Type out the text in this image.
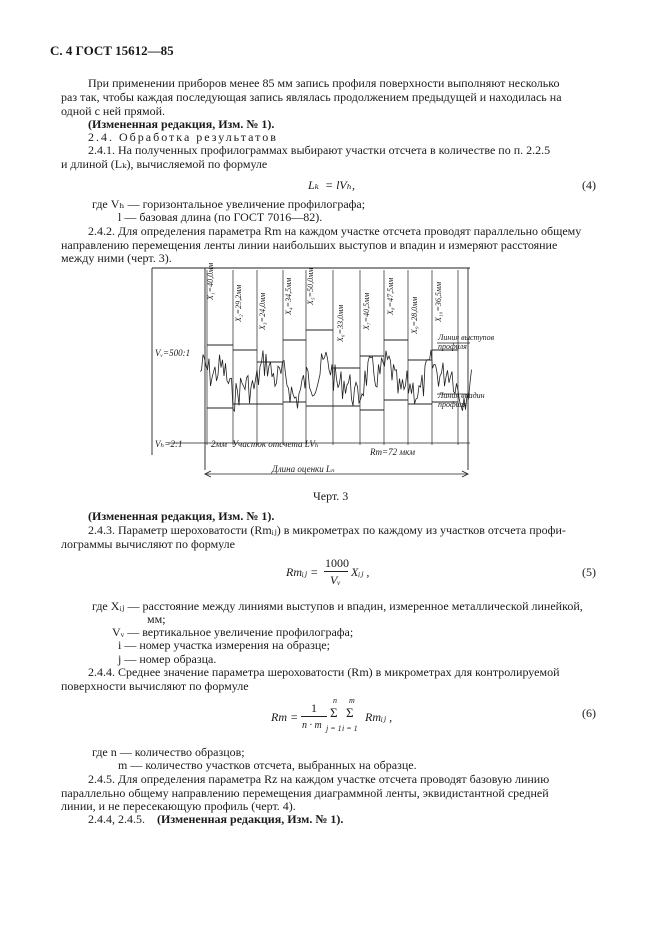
С. 4 ГОСТ 15612—85
При применении приборов менее 85 мм запись профиля поверхности выполняют несколько
раз так, чтобы каждая последующая запись являлась продолжением предыдущей и находилась на
одной с ней прямой.
(Измененная редакция, Изм. № 1).
2.4. Обработка результатов
2.4.1. На полученных профилограммах выбирают участки отсчета в количестве по п. 2.2.5
и длиной (Lₖ), вычисляемой по формуле
Lₖ = lVₕ,	(4)
где Vₕ — горизонтальное увеличение профилографа;
l — базовая длина (по ГОСТ 7016—82).
2.4.2. Для определения параметра Rm на каждом участке отсчета проводят параллельно общему
направлению перемещения ленты линии наибольших выступов и впадин и измеряют расстояние
между ними (черт. 3).
Vᵥ=500:1
Vₕ=2:1	2мм Участок отсчета LVₕ
Rm=72 мкм
Длина оценки Lₙ
Линия выступов профиля
Линия впадин профиля
X₁=40,0мм
X₂=29,2мм	X₃=24,0мм	X₄=34,5мм	X₅=50,0мм
X₆=33,0мм	X₇=40,5мм	X₈=47,5мм
X₉=28,0мм	X₁₀=36,5мм
Черт. 3
(Измененная редакция, Изм. № 1).
2.4.3. Параметр шероховатости (Rmᵢⱼ) в микрометрах по каждому из участков отсчета профи-
лограммы вычисляют по формуле
Rmᵢⱼ =
1000
Vᵥ
Xᵢⱼ ,	(5)
где Xᵢⱼ — расстояние между линиями выступов и впадин, измеренное металлической линейкой,
мм;
Vᵥ — вертикальное увеличение профилографа;
i — номер участка измерения на образце;
j — номер образца.
2.4.4. Среднее значение параметра шероховатости (Rm) в микрометрах для контролируемой
поверхности вычисляют по формуле
Rm =
1
n · m
n
Σ
j = 1
m
Σ
i = 1
Rmᵢⱼ ,	(6)
где n — количество образцов;
m — количество участков отсчета, выбранных на образце.
2.4.5. Для определения параметра Rz на каждом участке отсчета проводят базовую линию
параллельно общему направлению перемещения диаграммной ленты, эквидистантной средней
линии, и не пересекающую профиль (черт. 4).
2.4.4, 2.4.5. (Измененная редакция, Изм. № 1).
